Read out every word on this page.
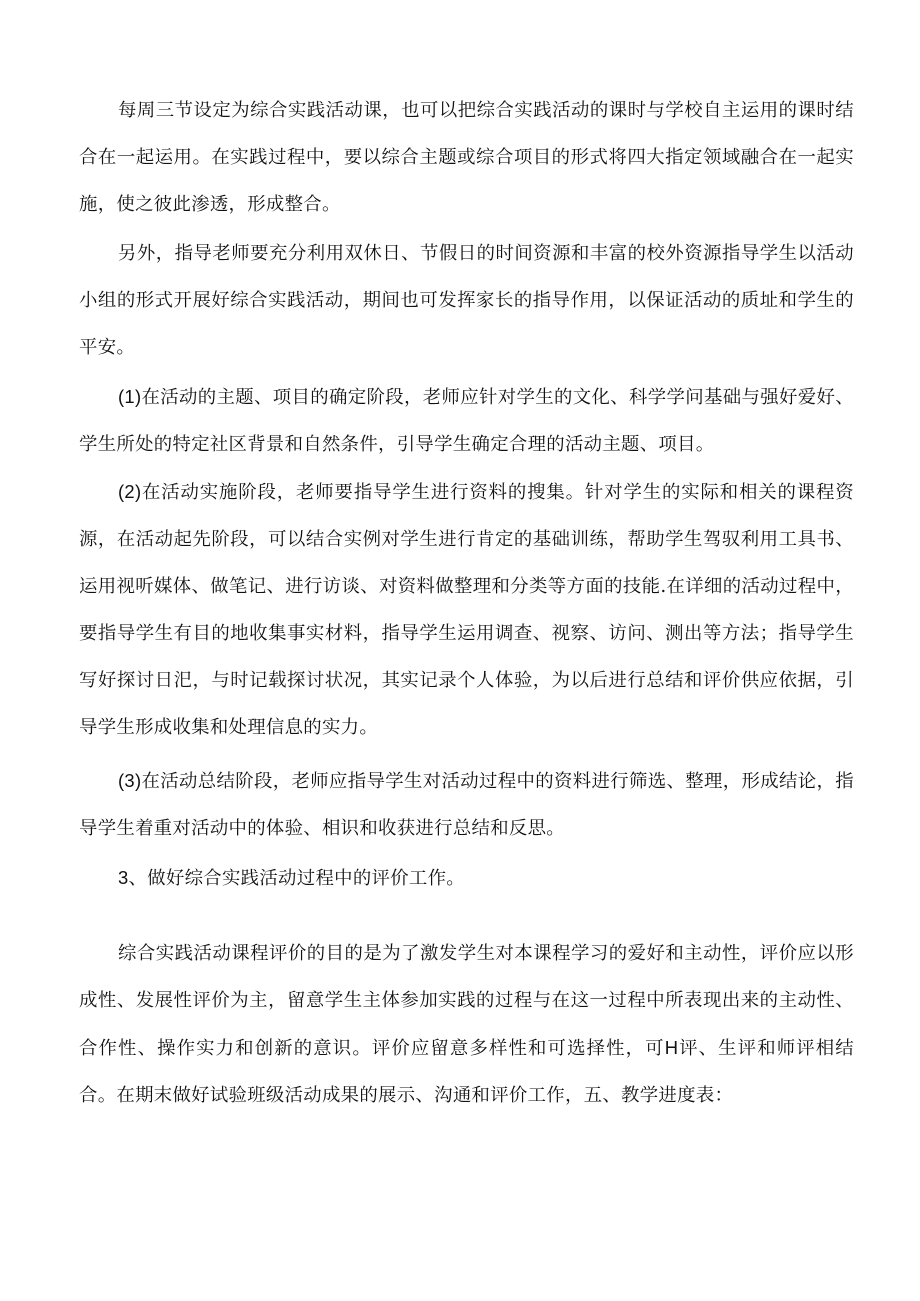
每周三节设定为综合实践活动课，也可以把综合实践活动的课时与学校自主运用的课时结合在一起运用。在实践过程中，要以综合主题或综合项目的形式将四大指定领域融合在一起实施，使之彼此渗透，形成整合。

另外，指导老师要充分利用双休日、节假日的时间资源和丰富的校外资源指导学生以活动小组的形式开展好综合实践活动，期间也可发挥家长的指导作用，以保证活动的质址和学生的平安。

(1)在活动的主题、项目的确定阶段，老师应针对学生的文化、科学学问基础与强好爱好、学生所处的特定社区背景和自然条件，引导学生确定合理的活动主题、项目。

(2)在活动实施阶段，老师要指导学生进行资料的搜集。针对学生的实际和相关的课程资源，在活动起先阶段，可以结合实例对学生进行肯定的基础训练，帮助学生驾驭利用工具书、运用视听媒体、做笔记、进行访谈、对资料做整理和分类等方面的技能.在详细的活动过程中，要指导学生有目的地收集事实材料，指导学生运用调查、视察、访问、测出等方法；指导学生写好探讨日汜，与时记载探讨状况，其实记录个人体验，为以后进行总结和评价供应依据，引导学生形成收集和处理信息的实力。

(3)在活动总结阶段，老师应指导学生对活动过程中的资料进行筛选、整理，形成结论，指导学生着重对活动中的体验、相识和收获进行总结和反思。

3、做好综合实践活动过程中的评价工作。

综合实践活动课程评价的目的是为了激发学生对本课程学习的爱好和主动性，评价应以形成性、发展性评价为主，留意学生主体参加实践的过程与在这一过程中所表现出来的主动性、合作性、操作实力和创新的意识。评价应留意多样性和可选择性，可H评、生评和师评相结合。在期末做好试验班级活动成果的展示、沟通和评价工作，五、教学进度表：
